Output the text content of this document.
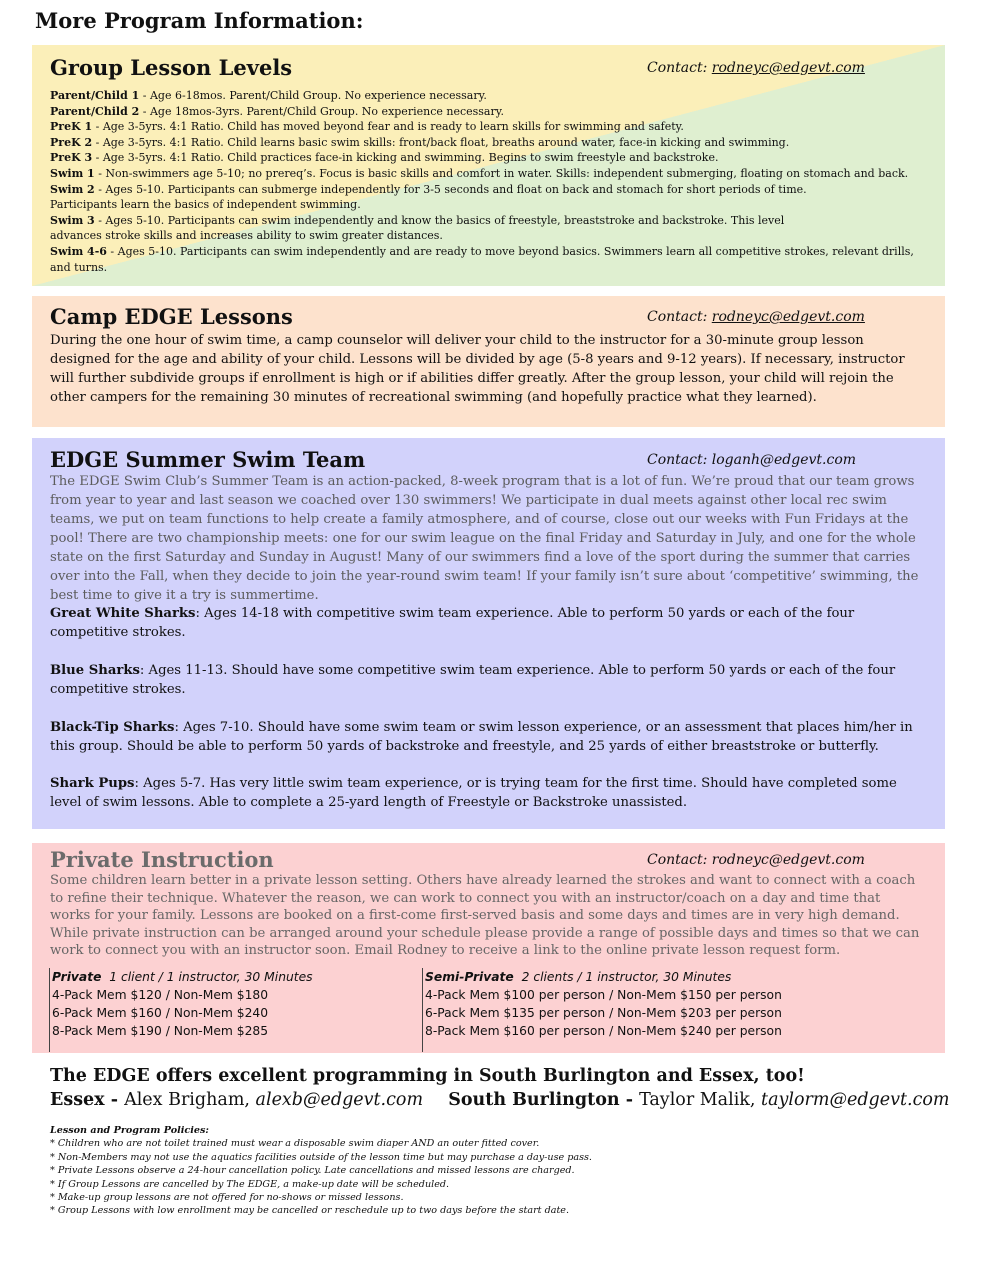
More Program Information:
Group Lesson Levels	Contact: rodneyc@edgevt.com

Parent/Child 1 - Age 6-18mos. Parent/Child Group. No experience necessary.

Parent/Child 2 - Age 18mos-3yrs. Parent/Child Group. No experience necessary.

PreK 1 - Age 3-5yrs. 4:1 Ratio. Child has moved beyond fear and is ready to learn skills for swimming and safety.

PreK 2 - Age 3-5yrs. 4:1 Ratio. Child learns basic swim skills: front/back float, breaths around water, face-in kicking and swimming.

PreK 3 - Age 3-5yrs. 4:1 Ratio. Child practices face-in kicking and swimming. Begins to swim freestyle and backstroke.

Swim 1 - Non-swimmers age 5-10; no prereq’s. Focus is basic skills and comfort in water. Skills: independent submerging, floating on stomach and back.

Swim 2 - Ages 5-10. Participants can submerge independently for 3-5 seconds and float on back and stomach for short periods of time.
Participants learn the basics of independent swimming.

Swim 3 - Ages 5-10. Participants can swim independently and know the basics of freestyle, breaststroke and backstroke. This level
advances stroke skills and increases ability to swim greater distances.

Swim 4-6 - Ages 5-10. Participants can swim independently and are ready to move beyond basics. Swimmers learn all competitive strokes, relevant drills, and turns.

Camp EDGE Lessons	Contact: rodneyc@edgevt.com

During the one hour of swim time, a camp counselor will deliver your child to the instructor for a 30-minute group lesson designed for the age and ability of your child. Lessons will be divided by age (5-8 years and 9-12 years). If necessary, instructor will further subdivide groups if enrollment is high or if abilities differ greatly. After the group lesson, your child will rejoin the other campers for the remaining 30 minutes of recreational swimming (and hopefully practice what they learned).

EDGE Summer Swim Team	Contact: loganh@edgevt.com

The EDGE Swim Club’s Summer Team is an action-packed, 8-week program that is a lot of fun. We’re proud that our team grows from year to year and last season we coached over 130 swimmers! We participate in dual meets against other local rec swim teams, we put on team functions to help create a family atmosphere, and of course, close out our weeks with Fun Fridays at the pool! There are two championship meets: one for our swim league on the final Friday and Saturday in July, and one for the whole state on the first Saturday and Sunday in August! Many of our swimmers find a love of the sport during the summer that carries over into the Fall, when they decide to join the year-round swim team! If your family isn’t sure about ‘competitive’ swimming, the best time to give it a try is summertime.

Great White Sharks: Ages 14-18 with competitive swim team experience. Able to perform 50 yards or each of the four competitive strokes.

Blue Sharks: Ages 11-13. Should have some competitive swim team experience. Able to perform 50 yards or each of the four competitive strokes.

Black-Tip Sharks: Ages 7-10. Should have some swim team or swim lesson experience, or an assessment that places him/her in this group. Should be able to perform 50 yards of backstroke and freestyle, and 25 yards of either breaststroke or butterfly.

Shark Pups: Ages 5-7. Has very little swim team experience, or is trying team for the first time. Should have completed some level of swim lessons. Able to complete a 25-yard length of Freestyle or Backstroke unassisted.

Private Instruction	Contact: rodneyc@edgevt.com

Some children learn better in a private lesson setting. Others have already learned the strokes and want to connect with a coach to refine their technique. Whatever the reason, we can work to connect you with an instructor/coach on a day and time that works for your family. Lessons are booked on a first-come first-served basis and some days and times are in very high demand. While private instruction can be arranged around your schedule please provide a range of possible days and times so that we can work to connect you with an instructor soon. Email Rodney to receive a link to the online private lesson request form.

Private  1 client / 1 instructor, 30 Minutes
4-Pack Mem $120 / Non-Mem $180
6-Pack Mem $160 / Non-Mem $240
8-Pack Mem $190 / Non-Mem $285
Semi-Private  2 clients / 1 instructor, 30 Minutes
4-Pack Mem $100 per person / Non-Mem $150 per person
6-Pack Mem $135 per person / Non-Mem $203 per person
8-Pack Mem $160 per person / Non-Mem $240 per person

The EDGE offers excellent programming in South Burlington and Essex, too!

Essex - Alex Brigham, alexb@edgevt.com South Burlington - Taylor Malik, taylorm@edgevt.com

Lesson and Program Policies:
* Children who are not toilet trained must wear a disposable swim diaper AND an outer fitted cover.
* Non-Members may not use the aquatics facilities outside of the lesson time but may purchase a day-use pass.
* Private Lessons observe a 24-hour cancellation policy. Late cancellations and missed lessons are charged.
* If Group Lessons are cancelled by The EDGE, a make-up date will be scheduled.
* Make-up group lessons are not offered for no-shows or missed lessons.
* Group Lessons with low enrollment may be cancelled or reschedule up to two days before the start date.
